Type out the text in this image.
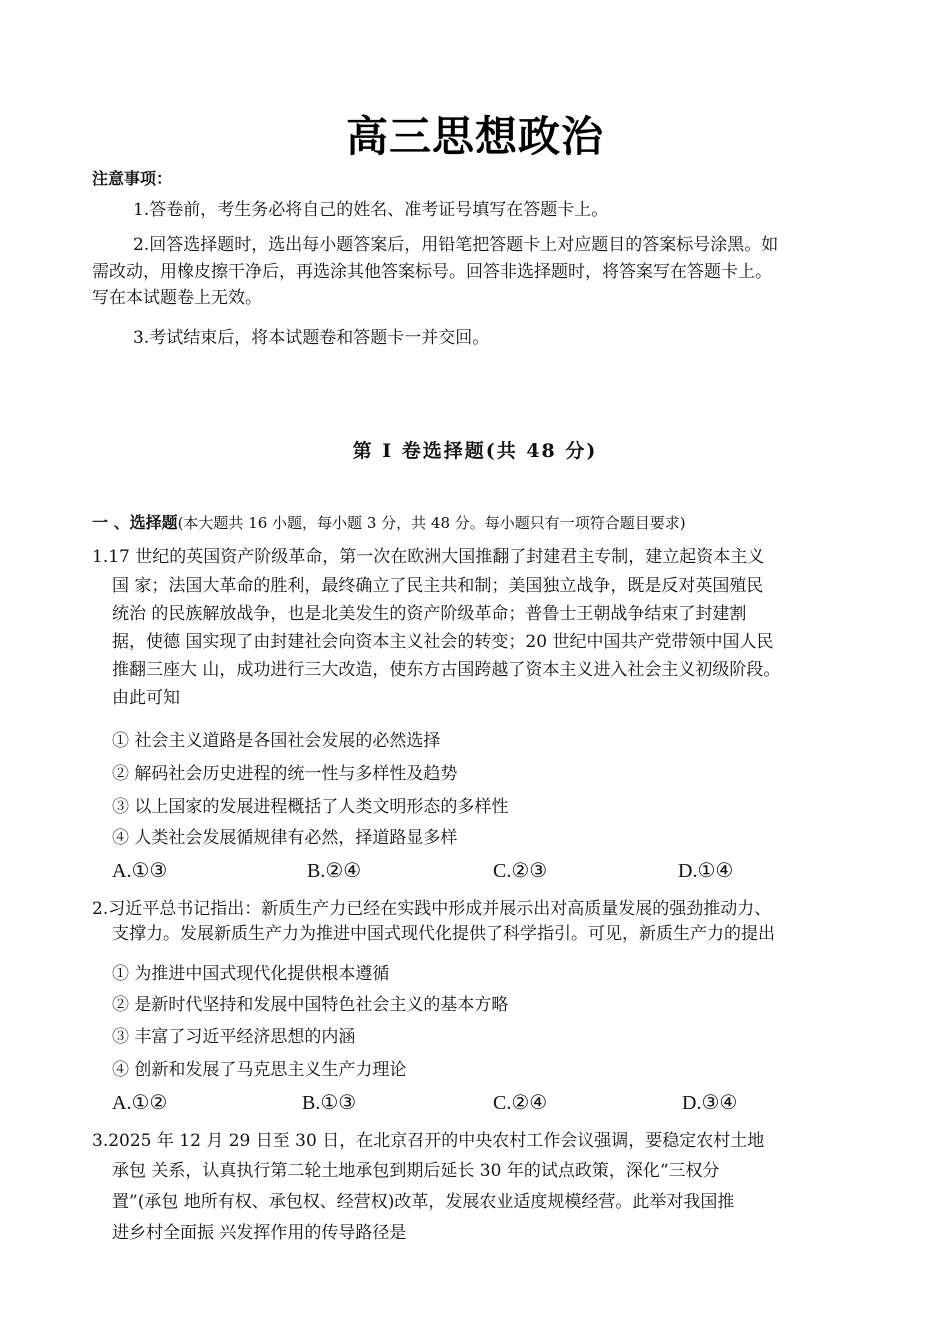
高三思想政治
注意事项：
1.答卷前，考生务必将自己的姓名、准考证号填写在答题卡上。
2.回答选择题时，选出每小题答案后，用铅笔把答题卡上对应题目的答案标号涂黑。如
需改动，用橡皮擦干净后，再选涂其他答案标号。回答非选择题时，将答案写在答题卡上。
写在本试题卷上无效。
3.考试结束后，将本试题卷和答题卡一并交回。
第 I 卷选择题(共 48 分)
一 、选择题(本大题共 16 小题，每小题 3 分，共 48 分。每小题只有一项符合题目要求)
1.17 世纪的英国资产阶级革命，第一次在欧洲大国推翻了封建君主专制，建立起资本主义
国 家；法国大革命的胜利，最终确立了民主共和制；美国独立战争，既是反对英国殖民
统治 的民族解放战争，也是北美发生的资产阶级革命；普鲁士王朝战争结束了封建割
据，使德 国实现了由封建社会向资本主义社会的转变；20 世纪中国共产党带领中国人民
推翻三座大 山，成功进行三大改造，使东方古国跨越了资本主义进入社会主义初级阶段。
由此可知
① 社会主义道路是各国社会发展的必然选择
② 解码社会历史进程的统一性与多样性及趋势
③ 以上国家的发展进程概括了人类文明形态的多样性
④ 人类社会发展循规律有必然，择道路显多样
A.①③	B.②④	C.②③	D.①④
2.习近平总书记指出：新质生产力已经在实践中形成并展示出对高质量发展的强劲推动力、
支撑力。发展新质生产力为推进中国式现代化提供了科学指引。可见，新质生产力的提出
① 为推进中国式现代化提供根本遵循
② 是新时代坚持和发展中国特色社会主义的基本方略
③ 丰富了习近平经济思想的内涵
④ 创新和发展了马克思主义生产力理论
A.①②	B.①③	C.②④	D.③④
3.2025 年 12 月 29 日至 30 日，在北京召开的中央农村工作会议强调，要稳定农村土地
承包 关系，认真执行第二轮土地承包到期后延长 30 年的试点政策，深化“三权分
置”(承包 地所有权、承包权、经营权)改革，发展农业适度规模经营。此举对我国推
进乡村全面振 兴发挥作用的传导路径是
